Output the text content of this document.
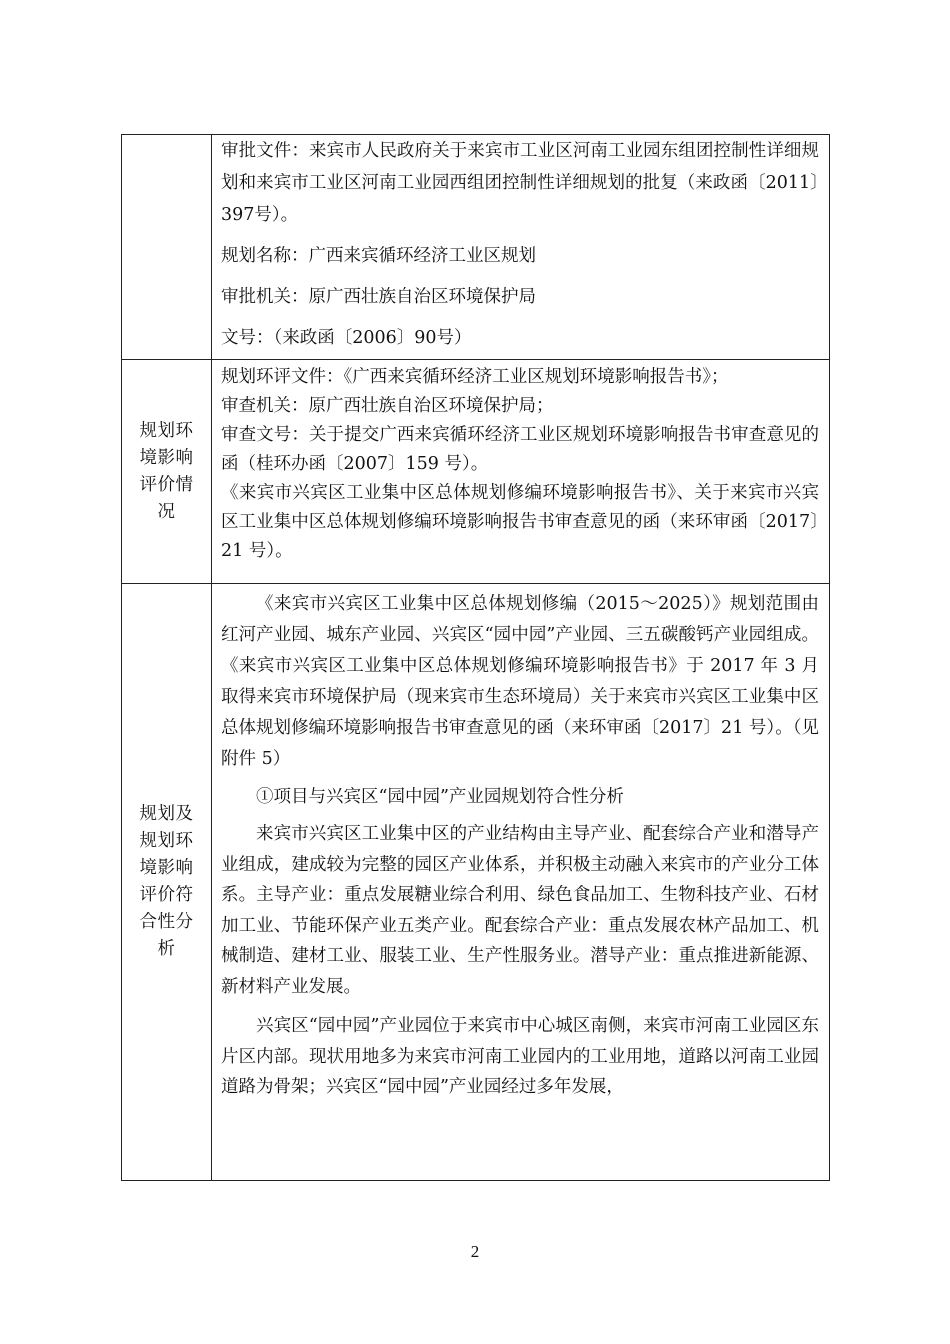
	审批文件：来宾市人民政府关于来宾市工业区河南工业园东组团控制性详细规划和来宾市工业区河南工业园西组团控制性详细规划的批复（来政函〔2011〕397号）。

规划名称：广西来宾循环经济工业区规划

审批机关：原广西壮族自治区环境保护局

文号：（来政函〔2006〕90号）

规划环境影响评价情况	规划环评文件：《广西来宾循环经济工业区规划环境影响报告书》；

审查机关：原广西壮族自治区环境保护局；

审查文号：关于提交广西来宾循环经济工业区规划环境影响报告书审查意见的函（桂环办函〔2007〕159 号）。

《来宾市兴宾区工业集中区总体规划修编环境影响报告书》、关于来宾市兴宾区工业集中区总体规划修编环境影响报告书审查意见的函（来环审函〔2017〕21 号）。

规划及规划环境影响评价符合性分析	《来宾市兴宾区工业集中区总体规划修编（2015～2025）》规划范围由红河产业园、城东产业园、兴宾区“园中园”产业园、三五碳酸钙产业园组成。《来宾市兴宾区工业集中区总体规划修编环境影响报告书》于 2017 年 3 月取得来宾市环境保护局（现来宾市生态环境局）关于来宾市兴宾区工业集中区总体规划修编环境影响报告书审查意见的函（来环审函〔2017〕21 号）。（见附件 5）

①项目与兴宾区“园中园”产业园规划符合性分析

来宾市兴宾区工业集中区的产业结构由主导产业、配套综合产业和潜导产业组成，建成较为完整的园区产业体系，并积极主动融入来宾市的产业分工体系。主导产业：重点发展糖业综合利用、绿色食品加工、生物科技产业、石材加工业、节能环保产业五类产业。配套综合产业：重点发展农林产品加工、机械制造、建材工业、服装工业、生产性服务业。潜导产业：重点推进新能源、新材料产业发展。

兴宾区“园中园”产业园位于来宾市中心城区南侧，来宾市河南工业园区东片区内部。现状用地多为来宾市河南工业园内的工业用地，道路以河南工业园道路为骨架；兴宾区“园中园”产业园经过多年发展，

2
